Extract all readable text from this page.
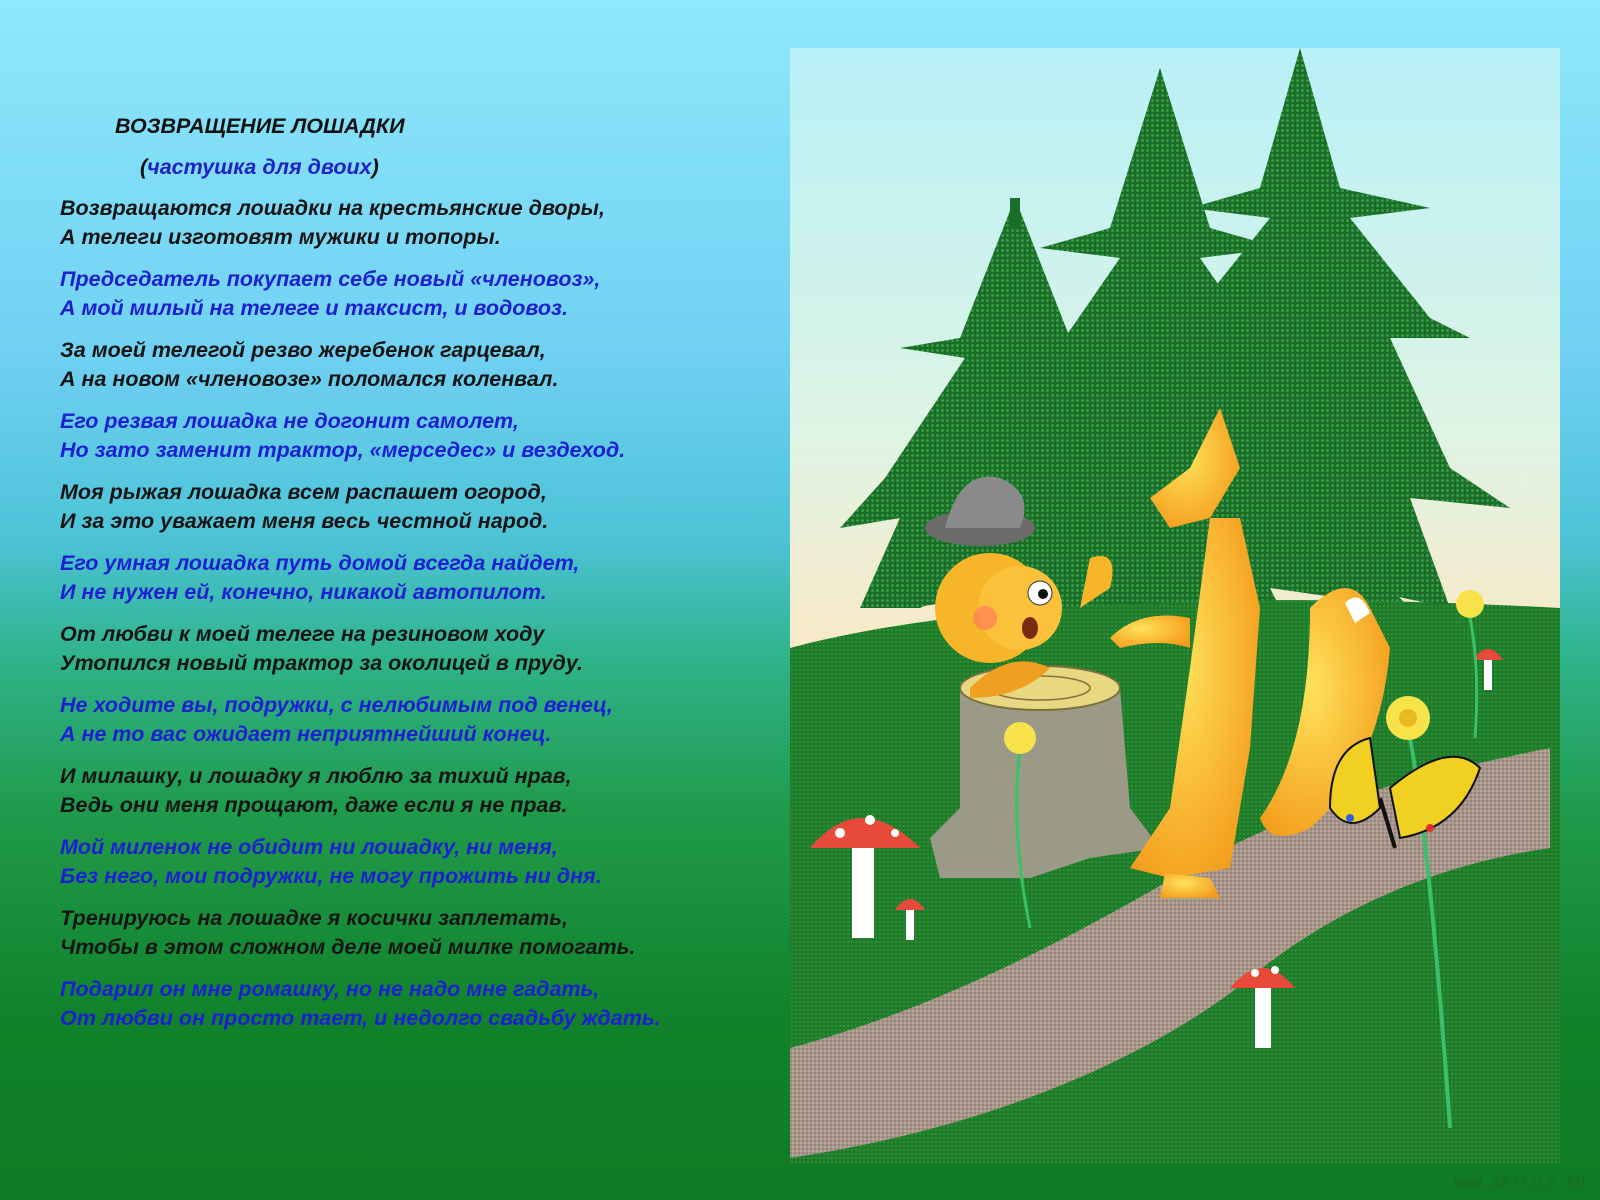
ВОЗВРАЩЕНИЕ ЛОШАДКИ
(частушка для двоих)
Возвращаются лошадки на крестьянские дворы,
А телеги изготовят мужики и топоры.
Председатель покупает себе новый «членовоз»,
А мой милый на телеге и таксист, и водовоз.
За моей телегой резво жеребенок гарцевал,
А на новом «членовозе» поломался коленвал.
Его резвая лошадка не догонит самолет,
Но зато заменит трактор, «мерседес» и вездеход.
Моя рыжая лошадка всем распашет огород,
И за это уважает меня весь честной народ.
Его умная лошадка путь домой всегда найдет,
И не нужен ей, конечно, никакой автопилот.
От любви к моей телеге на резиновом ходу
Утопился новый трактор за околицей в пруду.
Не ходите вы, подружки, с нелюбимым под венец,
А не то вас ожидает неприятнейший конец.
И милашку, и лошадку я люблю за тихий нрав,
Ведь они меня прощают, даже если я не прав.
Мой миленок не обидит ни лошадку, ни меня,
Без него, мои подружки, не могу прожить ни дня.
Тренируюсь на лошадке я косички заплетать,
Чтобы в этом сложном деле моей милке помогать.
Подарил он мне ромашку, но не надо мне гадать,
От любви он просто тает, и недолго свадьбу ждать.
WWW.ARTFILE.RU
